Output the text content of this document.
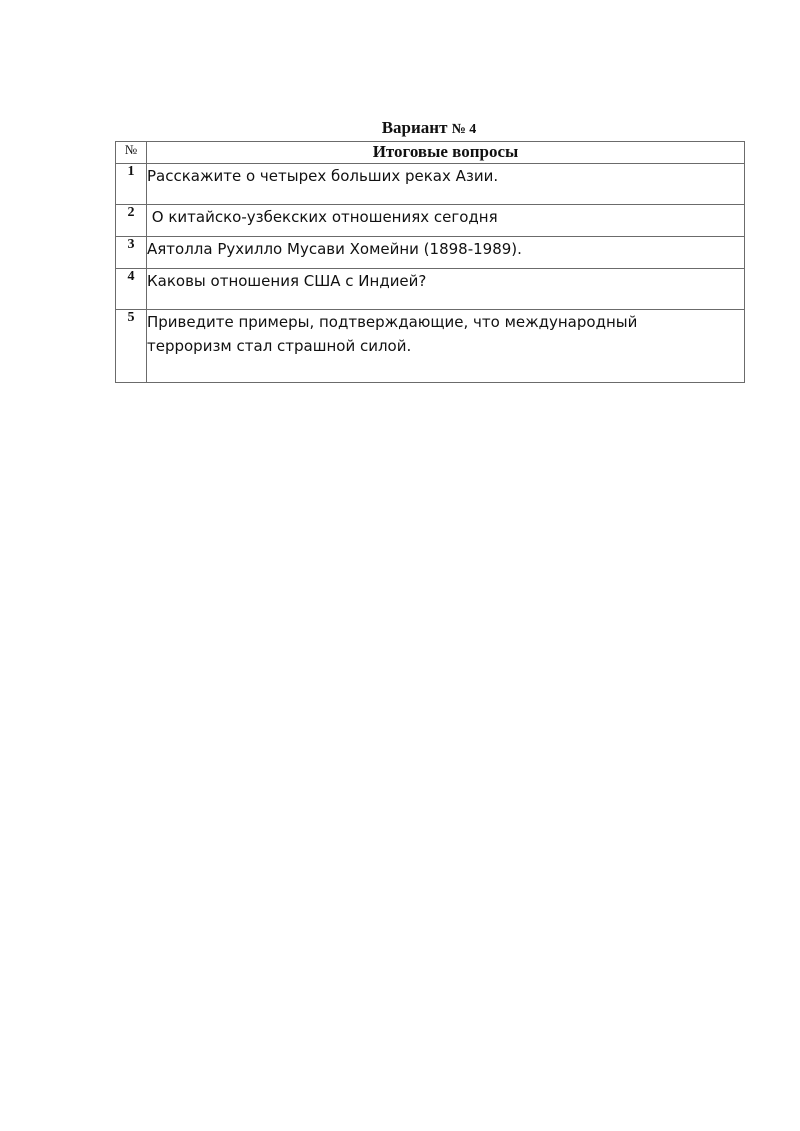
Вариант № 4
№	Итоговые вопросы
1	Расскажите о четырех больших реках Азии.
2	О китайско-узбекских отношениях сегодня
3	Аятолла Рухилло Мусави Хомейни (1898-1989).
4	Каковы отношения США с Индией?
5	Приведите примеры, подтверждающие, что международный терроризм стал страшной силой.
